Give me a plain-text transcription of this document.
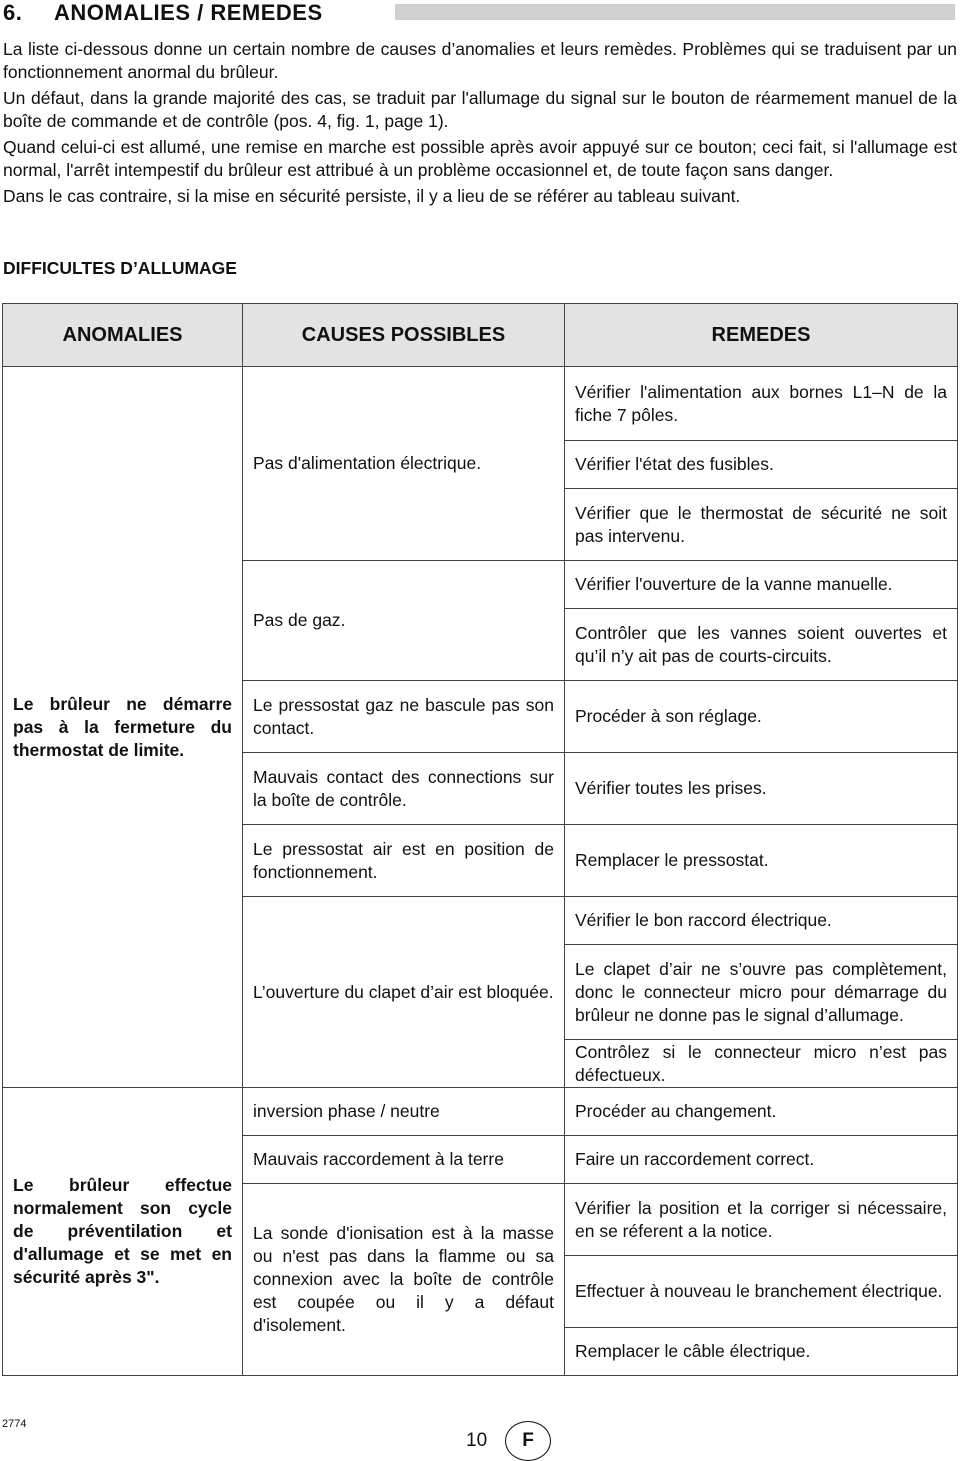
6. ANOMALIES / REMEDES

La liste ci-dessous donne un certain nombre de causes d’anomalies et leurs remèdes. Problèmes qui se traduisent par un fonctionnement anormal du brûleur.

Un défaut, dans la grande majorité des cas, se traduit par l'allumage du signal sur le bouton de réarmement manuel de la boîte de commande et de contrôle (pos. 4, fig. 1, page 1).

Quand celui-ci est allumé, une remise en marche est possible après avoir appuyé sur ce bouton; ceci fait, si l'allumage est normal, l'arrêt intempestif du brûleur est attribué à un problème occasionnel et, de toute façon sans danger.

Dans le cas contraire, si la mise en sécurité persiste, il y a lieu de se référer au tableau suivant.

DIFFICULTES D’ALLUMAGE
ANOMALIES	CAUSES POSSIBLES	REMEDES
Le brûleur ne démarre pas à la fermeture du thermostat de limite.	Pas d'alimentation électrique.	Vérifier l'alimentation aux bornes L1–N de la fiche 7 pôles.
		Vérifier l'état des fusibles.
		Vérifier que le thermostat de sécurité ne soit pas intervenu.
	Pas de gaz.	Vérifier l'ouverture de la vanne manuelle.
		Contrôler que les vannes soient ouvertes et qu’il n’y ait pas de courts-circuits.
	Le pressostat gaz ne bascule pas son contact.	Procéder à son réglage.
	Mauvais contact des connections sur la boîte de contrôle.	Vérifier toutes les prises.
	Le pressostat air est en position de fonctionnement.	Remplacer le pressostat.
	L’ouverture du clapet d’air est bloquée.	Vérifier le bon raccord électrique.
		Le clapet d’air ne s’ouvre pas complètement, donc le connecteur micro pour démarrage du brûleur ne donne pas le signal d’allumage.
		Contrôlez si le connecteur micro n’est pas défectueux.
Le brûleur effectue normalement son cycle de préventilation et d'allumage et se met en sécurité après 3".	inversion phase / neutre	Procéder au changement.
	Mauvais raccordement à la terre	Faire un raccordement correct.
	La sonde d'ionisation est à la masse ou n'est pas dans la flamme ou sa connexion avec la boîte de contrôle est coupée ou il y a défaut d'isolement.	Vérifier la position et la corriger si nécessaire, en se réferent a la notice.
		Effectuer à nouveau le branchement électrique.
		Remplacer le câble électrique.
2774
10 F
